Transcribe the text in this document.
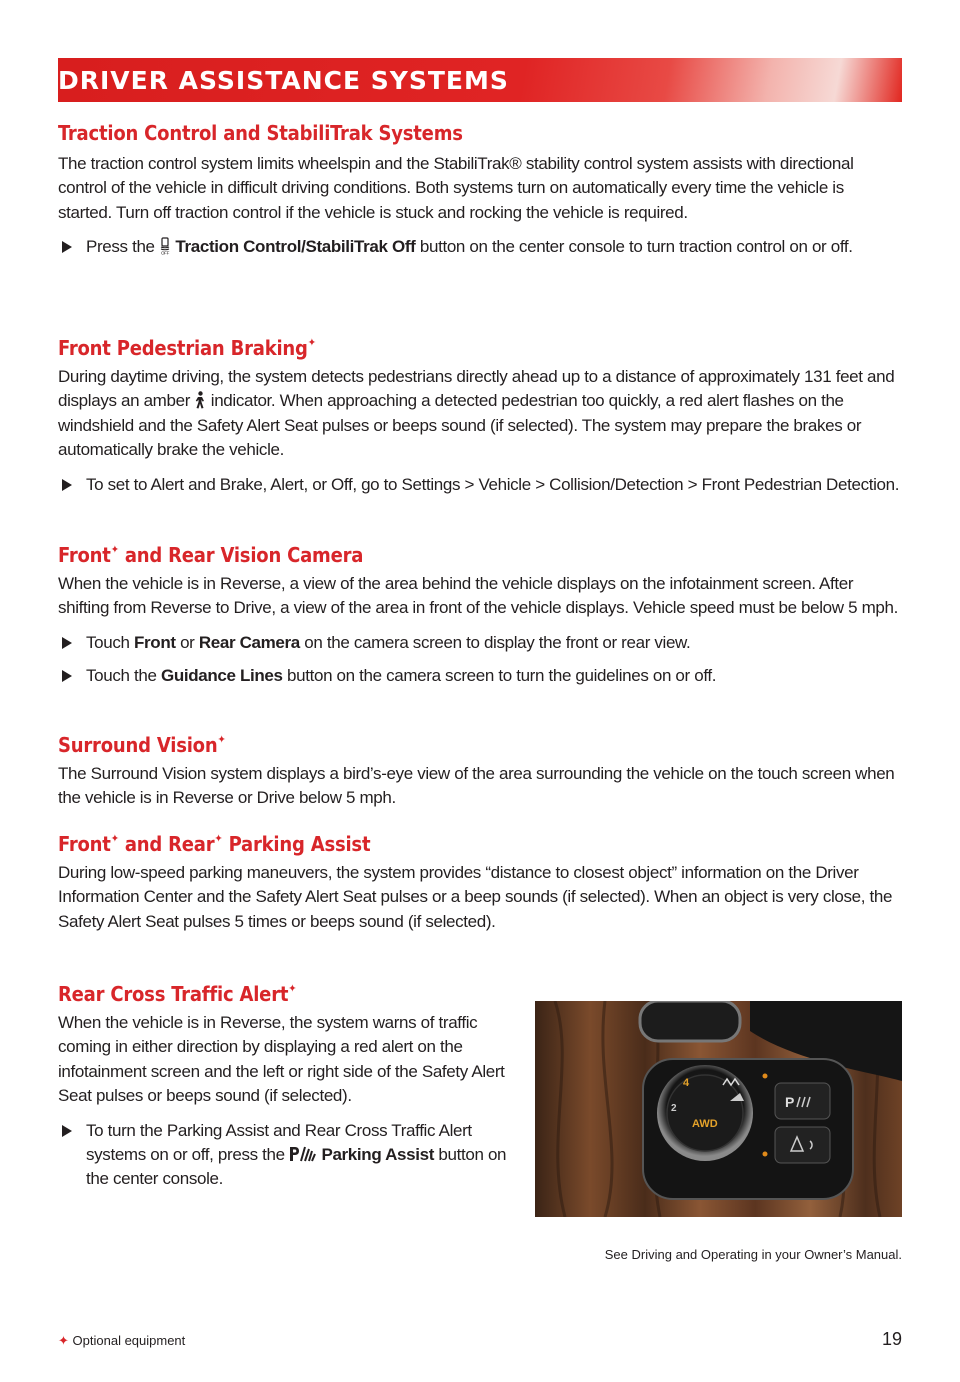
DRIVER ASSISTANCE SYSTEMS
Traction Control and StabiliTrak Systems

The traction control system limits wheelspin and the StabiliTrak® stability control system assists with directional control of the vehicle in difficult driving conditions. Both systems turn on automatically every time the vehicle is started. Turn off traction control if the vehicle is stuck and rocking the vehicle is required.

Press the OFF Traction Control/StabiliTrak Off button on the center console to turn traction control on or off.

Front Pedestrian Braking✦

During daytime driving, the system detects pedestrians directly ahead up to a distance of approximately 131 feet and displays an amber indicator. When approaching a detected pedestrian too quickly, a red alert flashes on the windshield and the Safety Alert Seat pulses or beeps sound (if selected). The system may prepare the brakes or automatically brake the vehicle.

To set to Alert and Brake, Alert, or Off, go to Settings > Vehicle > Collision/Detection > Front Pedestrian Detection.

Front✦ and Rear Vision Camera

When the vehicle is in Reverse, a view of the area behind the vehicle displays on the infotainment screen. After shifting from Reverse to Drive, a view of the area in front of the vehicle displays. Vehicle speed must be below 5 mph.

Touch Front or Rear Camera on the camera screen to display the front or rear view.

Touch the Guidance Lines button on the camera screen to turn the guidelines on or off.

Surround Vision✦

The Surround Vision system displays a bird’s-eye view of the area surrounding the vehicle on the touch screen when the vehicle is in Reverse or Drive below 5 mph.

Front✦ and Rear✦ Parking Assist

During low-speed parking maneuvers, the system provides “distance to closest object” information on the Driver Information Center and the Safety Alert Seat pulses or a beep sounds (if selected). When an object is very close, the Safety Alert Seat pulses 5 times or beeps sound (if selected).

Rear Cross Traffic Alert✦

When the vehicle is in Reverse, the system warns of traffic coming in either direction by displaying a red alert on the infotainment screen and the left or right side of the Safety Alert Seat pulses or beeps sound (if selected).

To turn the Parking Assist and Rear Cross Traffic Alert systems on or off, press the Parking Assist button on the center console.

4
AWD
2	P
See Driving and Operating in your Owner’s Manual.
✦ Optional equipment	19
